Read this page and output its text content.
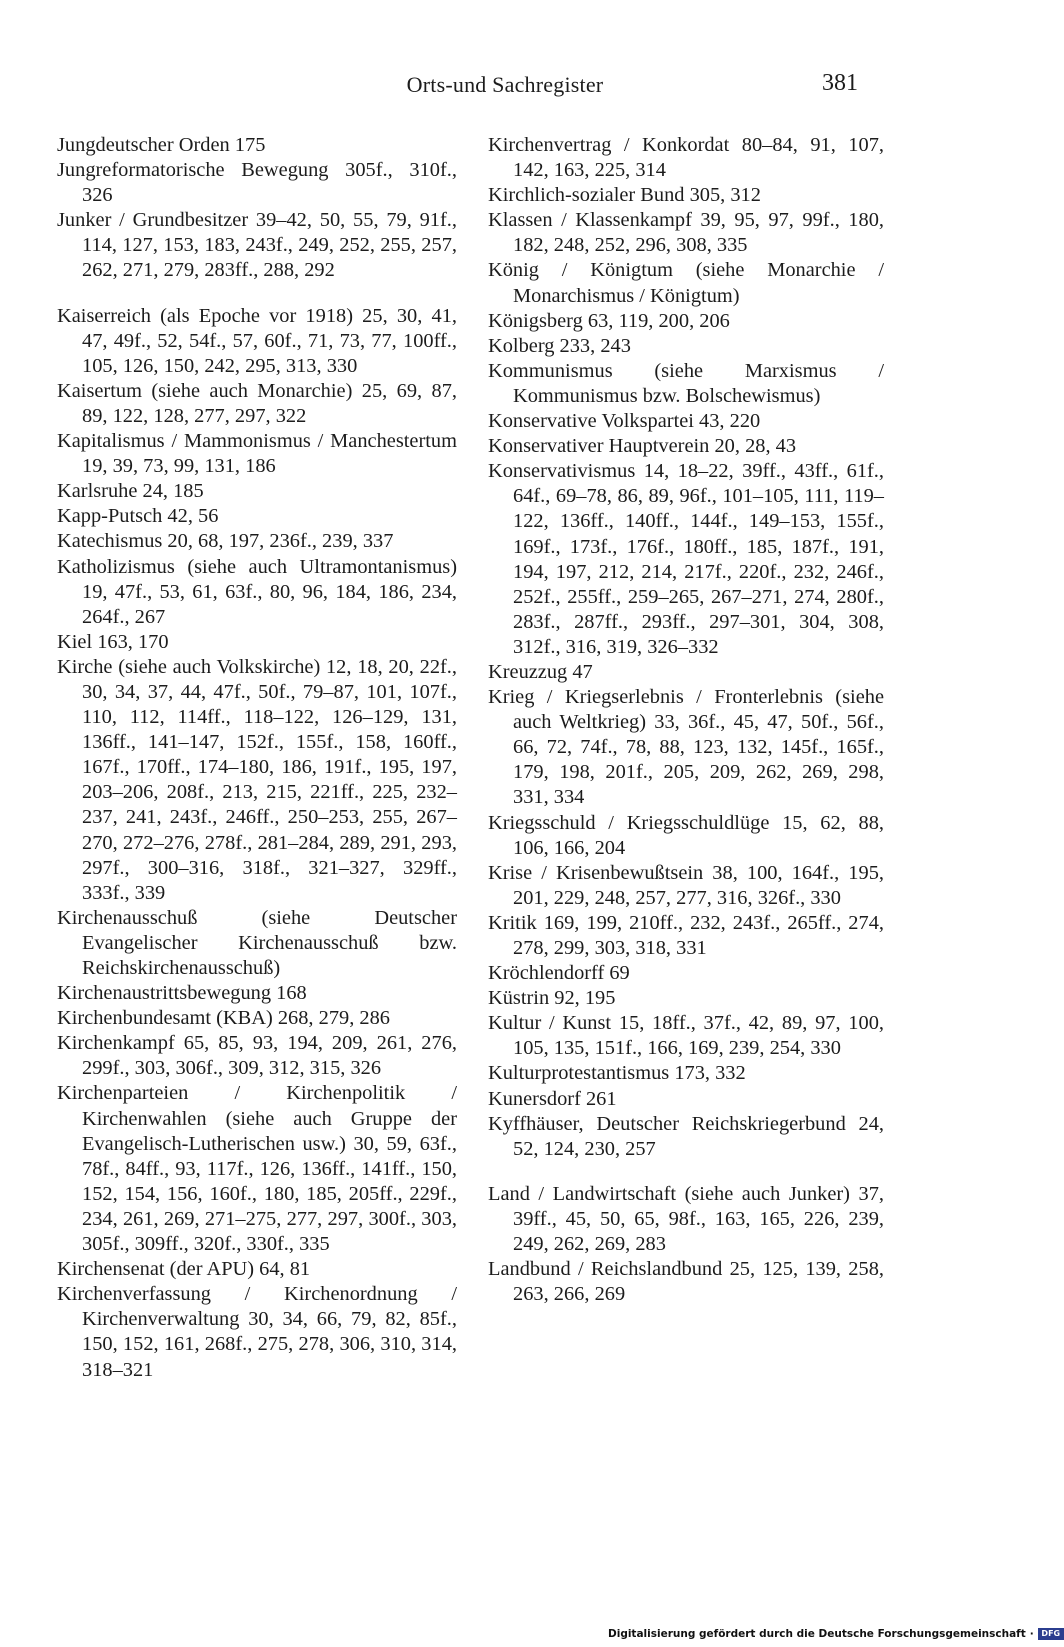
Orts-und Sachregister	381

Jungdeutscher Orden 175

Jungreformatorische Bewegung 305f., 310f., 326

Junker / Grundbesitzer 39–42, 50, 55, 79, 91f., 114, 127, 153, 183, 243f., 249, 252, 255, 257, 262, 271, 279, 283ff., 288, 292

Kaiserreich (als Epoche vor 1918) 25, 30, 41, 47, 49f., 52, 54f., 57, 60f., 71, 73, 77, 100ff., 105, 126, 150, 242, 295, 313, 330

Kaisertum (siehe auch Monarchie) 25, 69, 87, 89, 122, 128, 277, 297, 322

Kapitalismus / Mammonismus / Manchestertum 19, 39, 73, 99, 131, 186

Karlsruhe 24, 185

Kapp-Putsch 42, 56

Katechismus 20, 68, 197, 236f., 239, 337

Katholizismus (siehe auch Ultramontanismus) 19, 47f., 53, 61, 63f., 80, 96, 184, 186, 234, 264f., 267

Kiel 163, 170

Kirche (siehe auch Volkskirche) 12, 18, 20, 22f., 30, 34, 37, 44, 47f., 50f., 79–87, 101, 107f., 110, 112, 114ff., 118–122, 126–129, 131, 136ff., 141–147, 152f., 155f., 158, 160ff., 167f., 170ff., 174–180, 186, 191f., 195, 197, 203–206, 208f., 213, 215, 221ff., 225, 232–237, 241, 243f., 246ff., 250–253, 255, 267–270, 272–276, 278f., 281–284, 289, 291, 293, 297f., 300–316, 318f., 321–327, 329ff., 333f., 339

Kirchenausschuß (siehe Deutscher Evangelischer Kirchenausschuß bzw. Reichskirchenausschuß)

Kirchenaustrittsbewegung 168

Kirchenbundesamt (KBA) 268, 279, 286

Kirchenkampf 65, 85, 93, 194, 209, 261, 276, 299f., 303, 306f., 309, 312, 315, 326

Kirchenparteien / Kirchenpolitik / Kirchenwahlen (siehe auch Gruppe der Evangelisch-Lutherischen usw.) 30, 59, 63f., 78f., 84ff., 93, 117f., 126, 136ff., 141ff., 150, 152, 154, 156, 160f., 180, 185, 205ff., 229f., 234, 261, 269, 271–275, 277, 297, 300f., 303, 305f., 309ff., 320f., 330f., 335

Kirchensenat (der APU) 64, 81

Kirchenverfassung / Kirchenordnung / Kirchenverwaltung 30, 34, 66, 79, 82, 85f., 150, 152, 161, 268f., 275, 278, 306, 310, 314, 318–321

Kirchenvertrag / Konkordat 80–84, 91, 107, 142, 163, 225, 314

Kirchlich-sozialer Bund 305, 312

Klassen / Klassenkampf 39, 95, 97, 99f., 180, 182, 248, 252, 296, 308, 335

König / Königtum (siehe Monarchie / Monarchismus / Königtum)

Königsberg 63, 119, 200, 206

Kolberg 233, 243

Kommunismus (siehe Marxismus / Kommunismus bzw. Bolschewismus)

Konservative Volkspartei 43, 220

Konservativer Hauptverein 20, 28, 43

Konservativismus 14, 18–22, 39ff., 43ff., 61f., 64f., 69–78, 86, 89, 96f., 101–105, 111, 119–122, 136ff., 140ff., 144f., 149–153, 155f., 169f., 173f., 176f., 180ff., 185, 187f., 191, 194, 197, 212, 214, 217f., 220f., 232, 246f., 252f., 255ff., 259–265, 267–271, 274, 280f., 283f., 287ff., 293ff., 297–301, 304, 308, 312f., 316, 319, 326–332

Kreuzzug 47

Krieg / Kriegserlebnis / Fronterlebnis (siehe auch Weltkrieg) 33, 36f., 45, 47, 50f., 56f., 66, 72, 74f., 78, 88, 123, 132, 145f., 165f., 179, 198, 201f., 205, 209, 262, 269, 298, 331, 334

Kriegsschuld / Kriegsschuldlüge 15, 62, 88, 106, 166, 204

Krise / Krisenbewußtsein 38, 100, 164f., 195, 201, 229, 248, 257, 277, 316, 326f., 330

Kritik 169, 199, 210ff., 232, 243f., 265ff., 274, 278, 299, 303, 318, 331

Kröchlendorff 69

Küstrin 92, 195

Kultur / Kunst 15, 18ff., 37f., 42, 89, 97, 100, 105, 135, 151f., 166, 169, 239, 254, 330

Kulturprotestantismus 173, 332

Kunersdorf 261

Kyffhäuser, Deutscher Reichskriegerbund 24, 52, 124, 230, 257

Land / Landwirtschaft (siehe auch Junker) 37, 39ff., 45, 50, 65, 98f., 163, 165, 226, 239, 249, 262, 269, 283

Landbund / Reichslandbund 25, 125, 139, 258, 263, 266, 269

Digitalisierung gefördert durch die Deutsche Forschungsgemeinschaft · DFG
